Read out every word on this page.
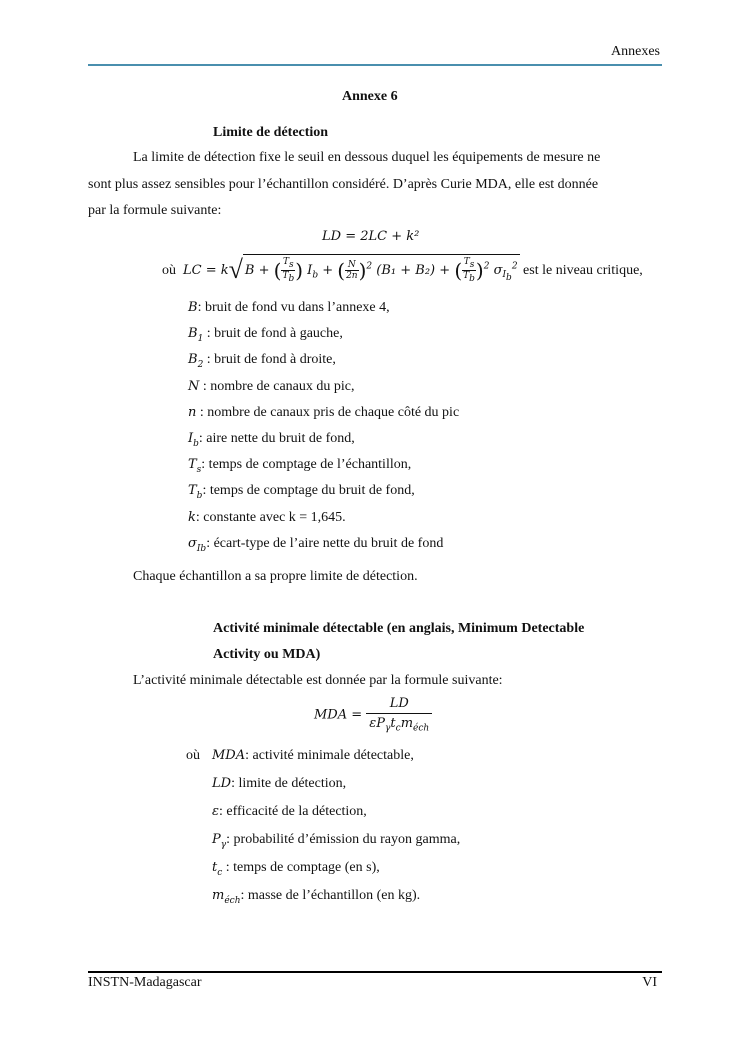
Annexes
Annexe 6
Limite de détection
La limite de détection fixe le seuil en dessous duquel les équipements de mesure ne
sont plus assez sensibles pour l’échantillon considéré. D’après Curie MDA, elle est donnée
par la formule suivante:
LD = 2LC + k²
où LC = k√ B + ( $\frac{T_s}{T_b}$ ) $I_b$ + ( $\frac{N}{2n} )^2$ (B₁ + B₂) + ( $\frac{T_s}{T_b} )^2$ $\sigma_{I_b}^2$ est le niveau critique,
B: bruit de fond vu dans l’annexe 4,
$B_1$ : bruit de fond à gauche,
$B_2$ : bruit de fond à droite,
N : nombre de canaux du pic,
n : nombre de canaux pris de chaque côté du pic
$I_b$: aire nette du bruit de fond,
$T_s$: temps de comptage de l’échantillon,
$T_b$: temps de comptage du bruit de fond,
k: constante avec k = 1,645.
$\sigma_{Ib}$: écart-type de l’aire nette du bruit de fond
Chaque échantillon a sa propre limite de détection.
Activité minimale détectable (en anglais, Minimum Detectable
Activity ou MDA)
L’activité minimale détectable est donnée par la formule suivante:
MDA = $\frac{LD}{\varepsilon P_\gamma t_cm_{éch}}$
où MDA: activité minimale détectable,
LD: limite de détection,
ε: efficacité de la détection,
$P_\gamma$: probabilité d’émission du rayon gamma,
$t_c$ : temps de comptage (en s),
$m_{éch}$: masse de l’échantillon (en kg).
INSTN-Madagascar	VI
